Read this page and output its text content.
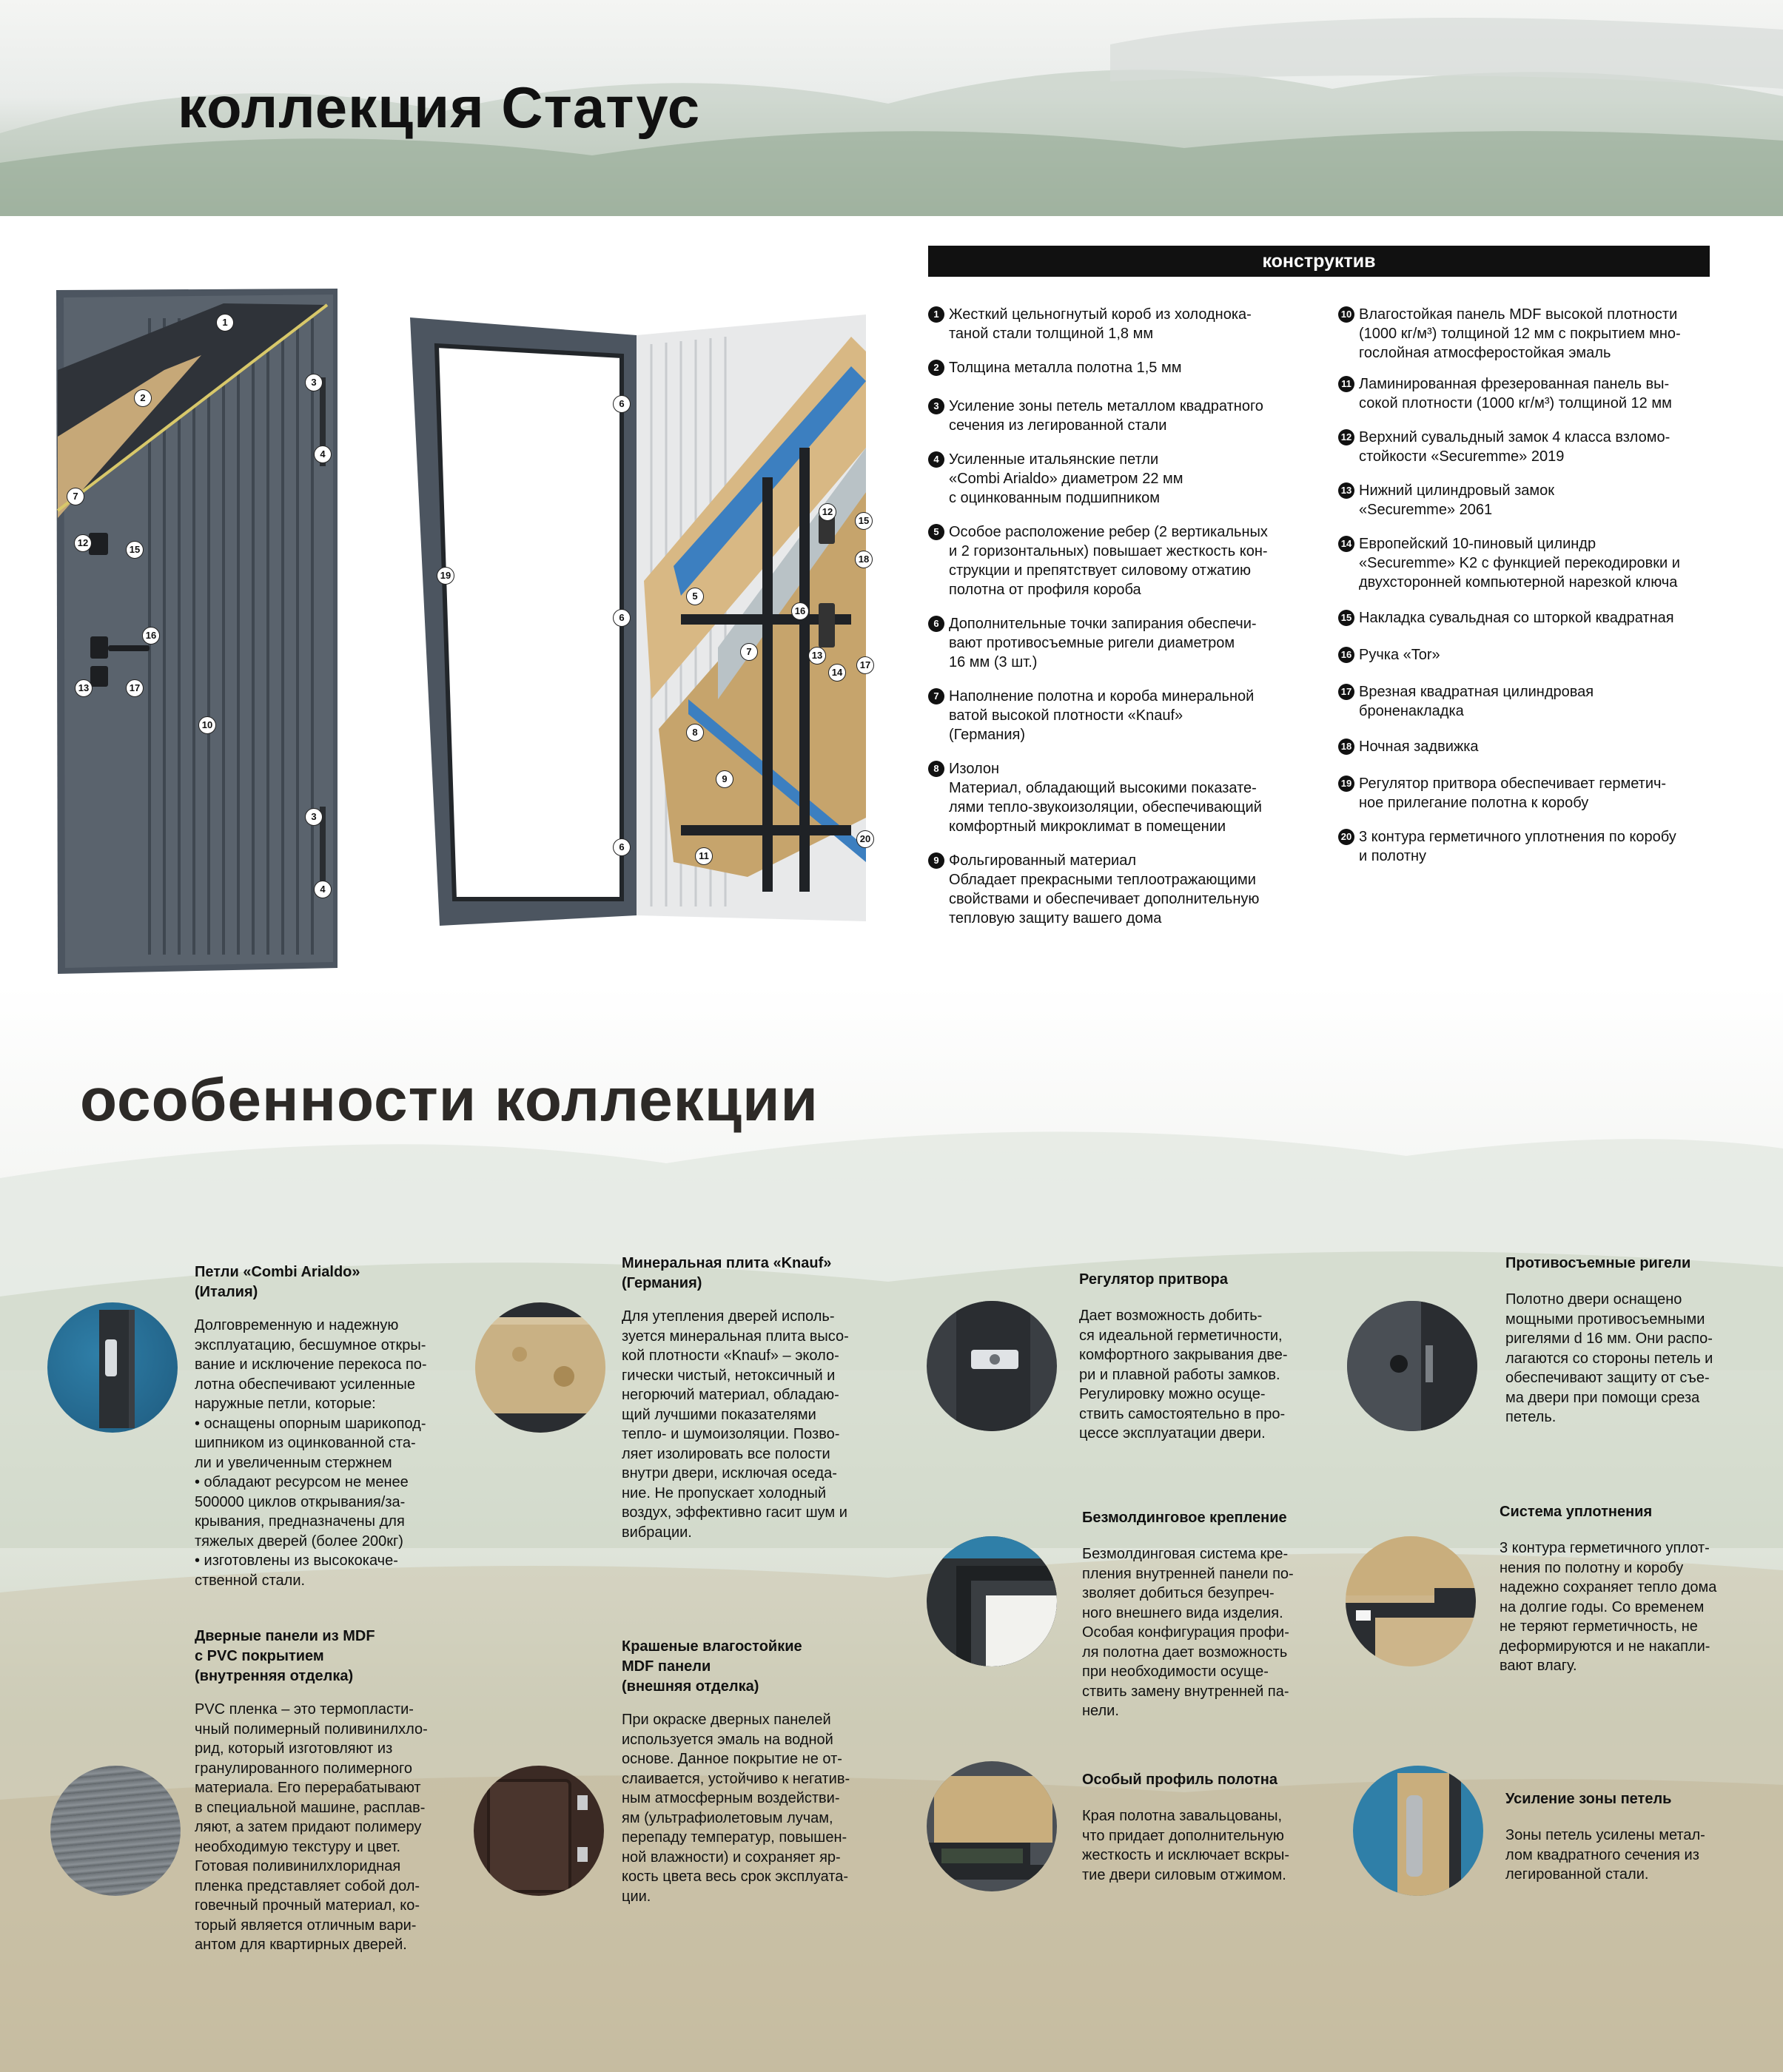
коллекция Статус
1
2
3
4
7
12
15
16
13	17
10
3
4
6
19
6
6
5
7
8
9
11
12
15
18
16
13
14
17
20
конструктив
1 Жесткий цельногнутый короб из холоднока-
таной стали толщиной 1,8 мм
2 Толщина металла полотна 1,5 мм
3 Усиление зоны петель металлом квадратного
сечения из легированной стали
4 Усиленные итальянские петли
«Combi Arialdo» диаметром 22 мм
с оцинкованным подшипником
5 Особое расположение ребер (2 вертикальных
и 2 горизонтальных) повышает жесткость кон-
струкции и препятствует силовому отжатию
полотна от профиля короба
6 Дополнительные точки запирания обеспечи-
вают противосъемные ригели диаметром
16 мм (3 шт.)
7 Наполнение полотна и короба минеральной
ватой высокой плотности «Knauf»
(Германия)
8 Изолон
Материал, обладающий высокими показате-
лями тепло-звукоизоляции, обеспечивающий
комфортный микроклимат в помещении
9 Фольгированный материал
Обладает прекрасными теплоотражающими
свойствами и обеспечивает дополнительную
тепловую защиту вашего дома
10 Влагостойкая панель MDF высокой плотности
(1000 кг/м³) толщиной 12 мм с покрытием мно-
гослойная атмосферостойкая эмаль
11 Ламинированная фрезерованная панель вы-
сокой плотности (1000 кг/м³) толщиной 12 мм
12 Верхний сувальдный замок 4 класса взломо-
стойкости «Securemme» 2019
13 Нижний цилиндровый замок
«Securemme» 2061
14 Европейский 10-пиновый цилиндр
«Securemme» K2 с функцией перекодировки и
двухсторонней компьютерной нарезкой ключа
15 Накладка сувальдная со шторкой квадратная
16 Ручка «Tor»
17 Врезная квадратная цилиндровая
броненакладка
18 Ночная задвижка
19 Регулятор притвора обеспечивает герметич-
ное прилегание полотна к коробу
20 3 контура герметичного уплотнения по коробу
и полотну
особенности коллекции

Петли «Combi Arialdo»
(Италия)

Долговременную и надежную
эксплуатацию, бесшумное откры-
вание и исключение перекоса по-
лотна обеспечивают усиленные
наружные петли, которые:
• оснащены опорным шарикопод-
шипником из оцинкованной ста-
ли и увеличенным стержнем
• обладают ресурсом не менее
500000 циклов открывания/за-
крывания, предназначены для
тяжелых дверей (более 200кг)
• изготовлены из высококаче-
ственной стали.

Минеральная плита «Knauf»
(Германия)

Для утепления дверей исполь-
зуется минеральная плита высо-
кой плотности «Knauf» – эколо-
гически чистый, нетоксичный и
негорючий материал, обладаю-
щий лучшими показателями
тепло- и шумоизоляции. Позво-
ляет изолировать все полости
внутри двери, исключая оседа-
ние. Не пропускает холодный
воздух, эффективно гасит шум и
вибрации.

Регулятор притвора

Дает возможность добить-
ся идеальной герметичности,
комфортного закрывания две-
ри и плавной работы замков.
Регулировку можно осуще-
ствить самостоятельно в про-
цессе эксплуатации двери.

Противосъемные ригели

Полотно двери оснащено
мощными противосъемными
ригелями d 16 мм. Они распо-
лагаются со стороны петель и
обеспечивают защиту от съе-
ма двери при помощи среза
петель.

Дверные панели из MDF
с PVC покрытием
(внутренняя отделка)

PVC пленка – это термопласти-
чный полимерный поливинилхло-
рид, который изготовляют из
гранулированного полимерного
материала. Его перерабатывают
в специальной машине, расплав-
ляют, а затем придают полимеру
необходимую текстуру и цвет.
Готовая поливинилхлоридная
пленка представляет собой дол-
говечный прочный материал, ко-
торый является отличным вари-
антом для квартирных дверей.

Крашеные влагостойкие
MDF панели
(внешняя отделка)

При окраске дверных панелей
используется эмаль на водной
основе. Данное покрытие не от-
слаивается, устойчиво к негатив-
ным атмосферным воздействи-
ям (ультрафиолетовым лучам,
перепаду температур, повышен-
ной влажности) и сохраняет яр-
кость цвета весь срок эксплуата-
ции.

Безмолдинговое крепление

Безмолдинговая система кре-
пления внутренней панели по-
зволяет добиться безупреч-
ного внешнего вида изделия.
Особая конфигурация профи-
ля полотна дает возможность
при необходимости осуще-
ствить замену внутренней па-
нели.

Система уплотнения

3 контура герметичного уплот-
нения по полотну и коробу
надежно сохраняет тепло дома
на долгие годы. Со временем
не теряют герметичность, не
деформируются и не накапли-
вают влагу.

Особый профиль полотна

Края полотна завальцованы,
что придает дополнительную
жесткость и исключает вскры-
тие двери силовым отжимом.

Усиление зоны петель

Зоны петель усилены метал-
лом квадратного сечения из
легированной стали.
